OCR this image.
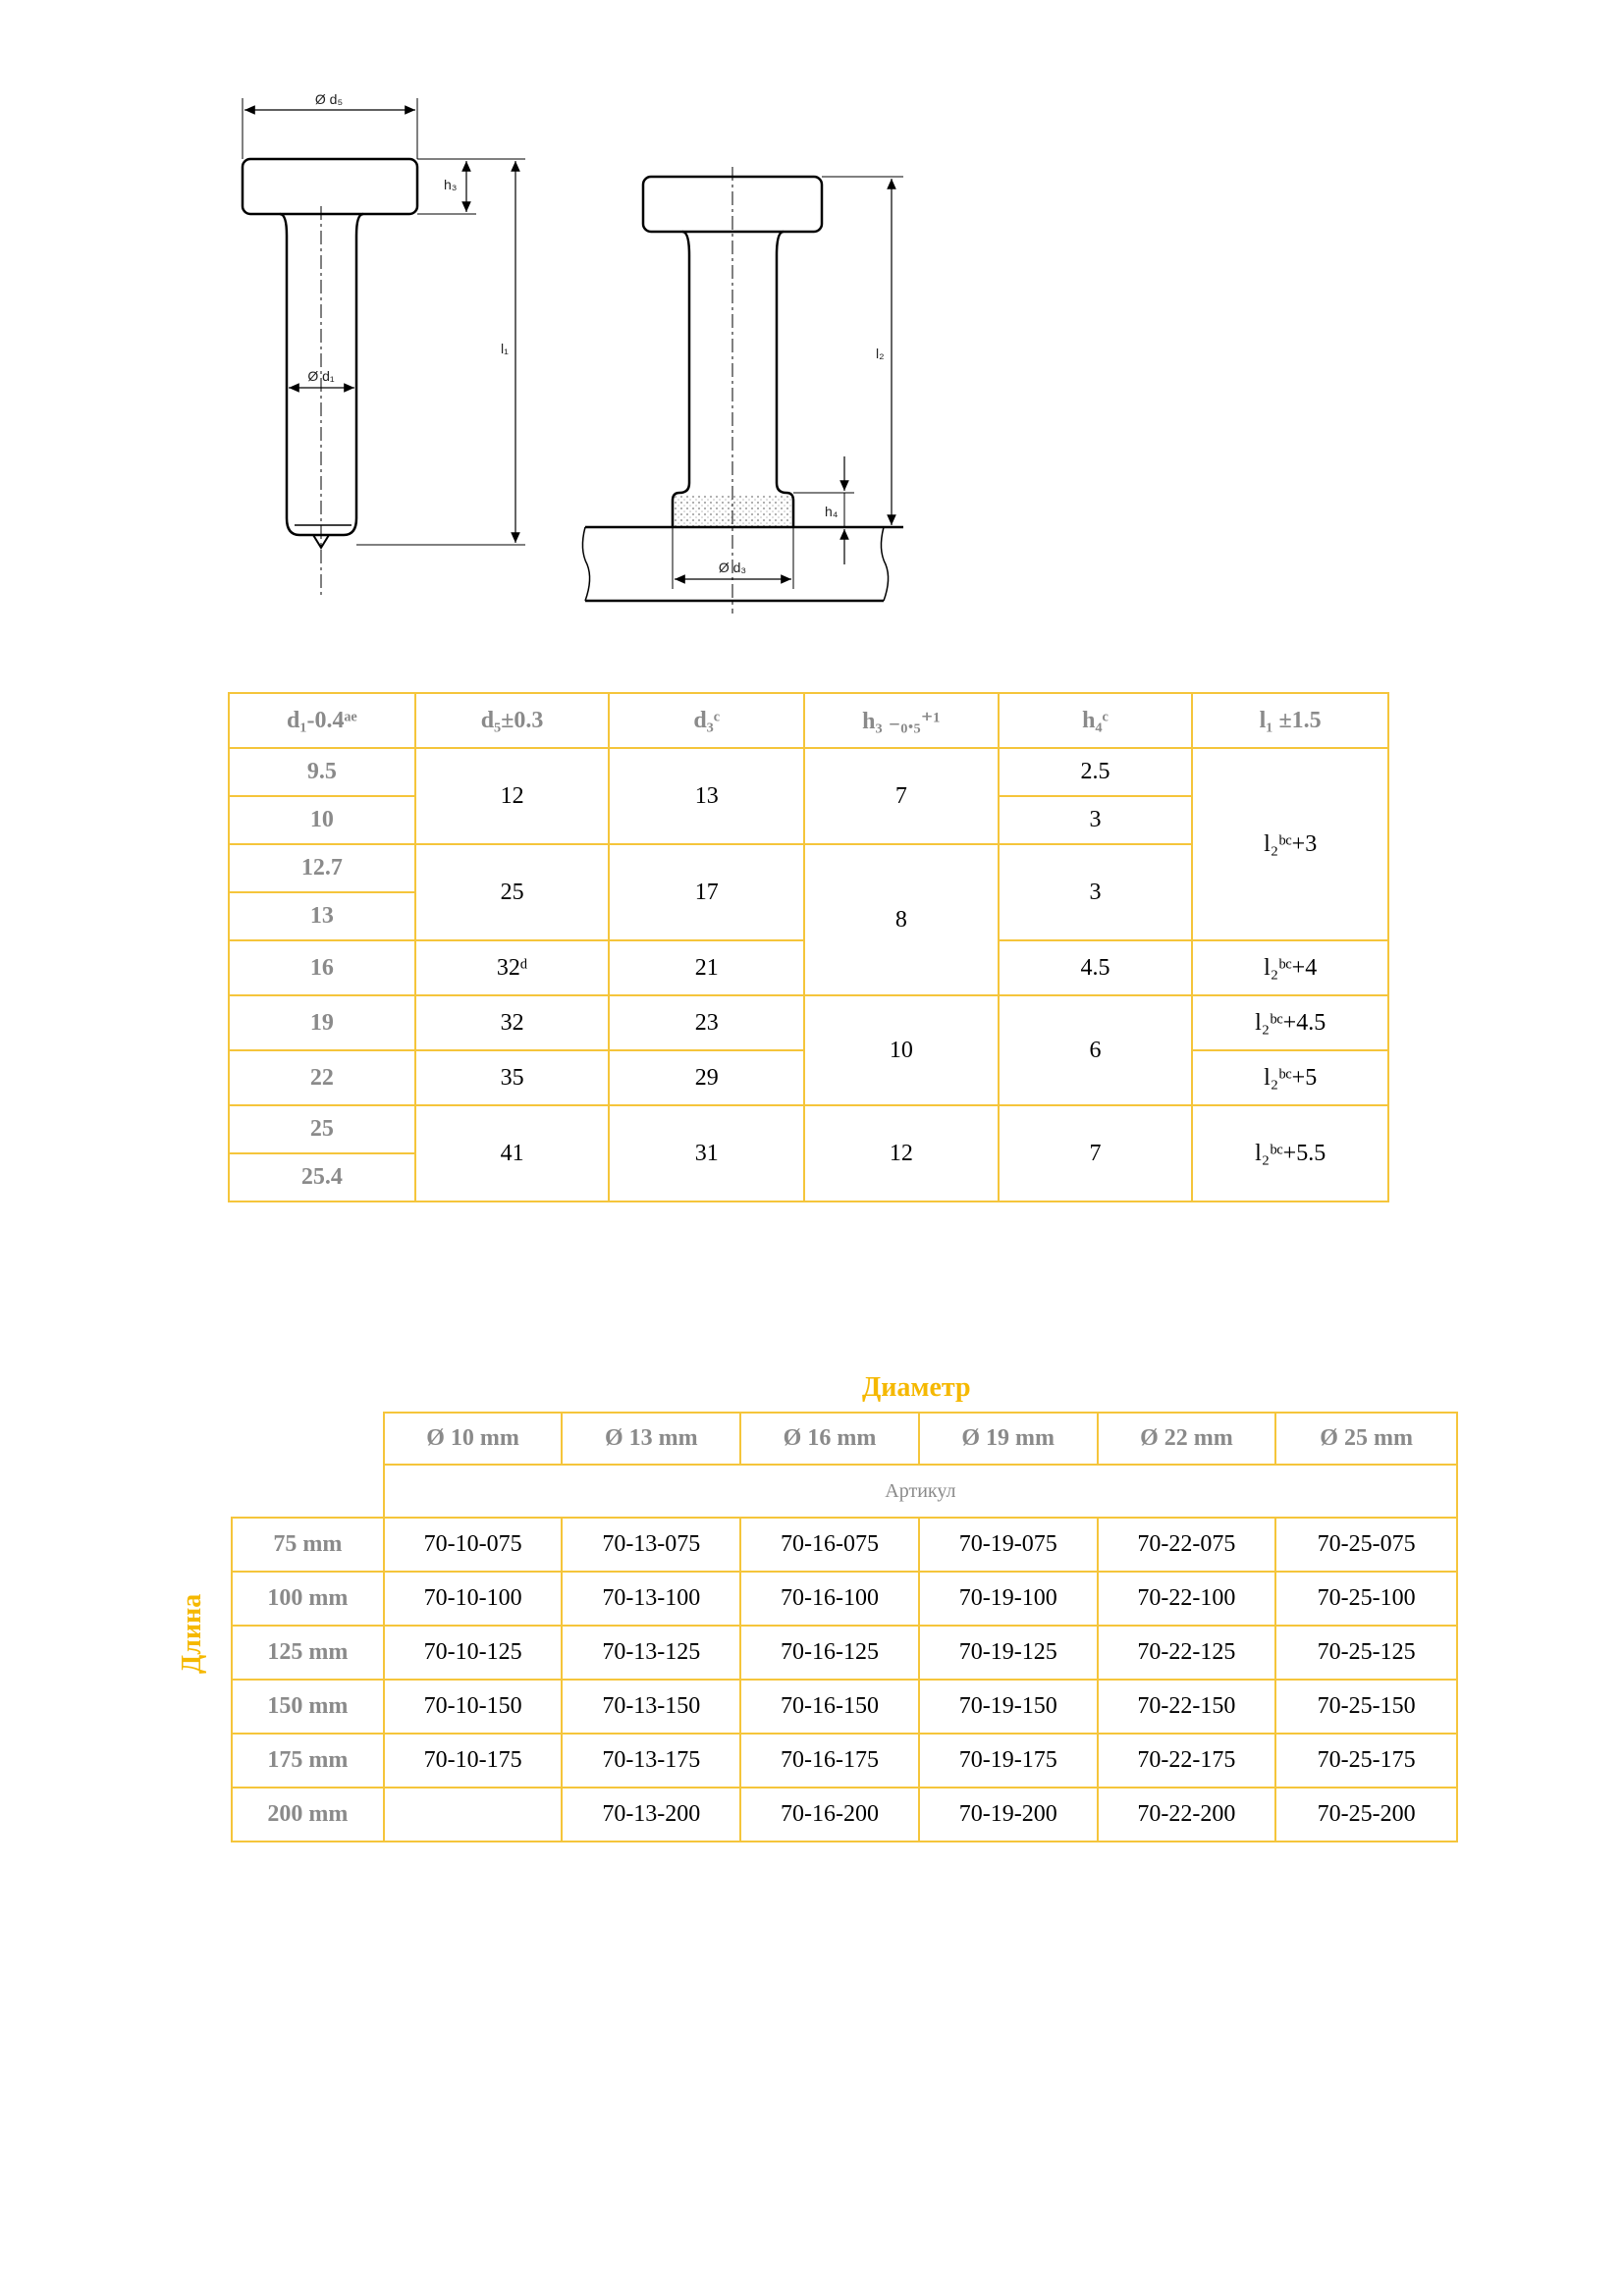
Ø d₅
h₃
l₁
Ø d₁
l₂
h₄
Ø d₃
d₁-0.4ᵃᵉ	d₅±0.3	d₃ᶜ	h₃ ₋₀.₅⁺¹	h₄ᶜ	l₁ ±1.5
9.5	12	13	7	2.5	l₂ᵇᶜ+3
10				3	
12.7	25	17	8	3	
13					
16	32ᵈ	21		4.5	l₂ᵇᶜ+4
19	32	23	10	6	l₂ᵇᶜ+4.5
22	35	29			l₂ᵇᶜ+5
25	41	31	12	7	l₂ᵇᶜ+5.5
25.4					
Диаметр
Длина
	Ø 10 mm	Ø 13 mm	Ø 16 mm	Ø 19 mm	Ø 22 mm	Ø 25 mm
	Артикул					
75 mm	70-10-075	70-13-075	70-16-075	70-19-075	70-22-075	70-25-075
100 mm	70-10-100	70-13-100	70-16-100	70-19-100	70-22-100	70-25-100
125 mm	70-10-125	70-13-125	70-16-125	70-19-125	70-22-125	70-25-125
150 mm	70-10-150	70-13-150	70-16-150	70-19-150	70-22-150	70-25-150
175 mm	70-10-175	70-13-175	70-16-175	70-19-175	70-22-175	70-25-175
200 mm		70-13-200	70-16-200	70-19-200	70-22-200	70-25-200
